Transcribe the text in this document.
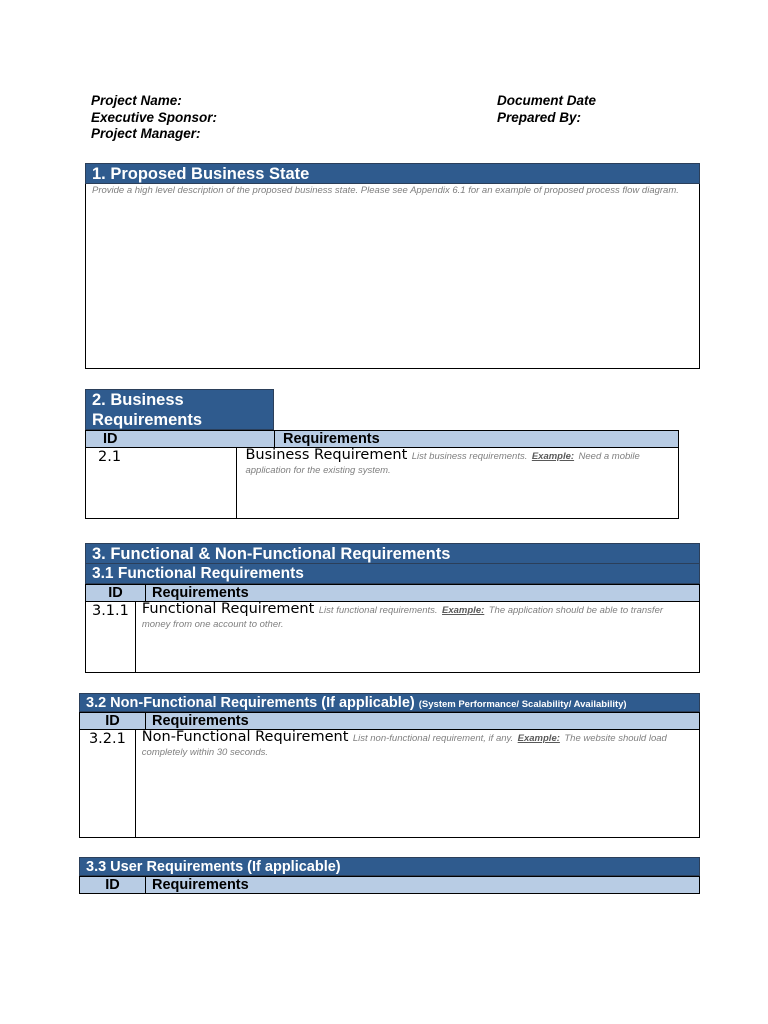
Project Name:
Executive Sponsor:
Project Manager:
Document Date
Prepared By:
1. Proposed Business State
Provide a high level description of the proposed business state. Please see Appendix 6.1 for an example of proposed process flow diagram.
2. Business Requirements
ID	Requirements
2.1	Business Requirement List business requirements. Example: Need a mobile application for the existing system.
3. Functional & Non-Functional Requirements
3.1 Functional Requirements
ID	Requirements
3.1.1 Functional Requirement List functional requirements. Example: The application should be able to transfer money from one account to other.
3.2 Non-Functional Requirements (If applicable) (System Performance/ Scalability/ Availability)
ID	Requirements
3.2.1	Non-Functional Requirement List non-functional requirement, if any. Example: The website should load completely within 30 seconds.
3.3 User Requirements (If applicable)
ID	Requirements
